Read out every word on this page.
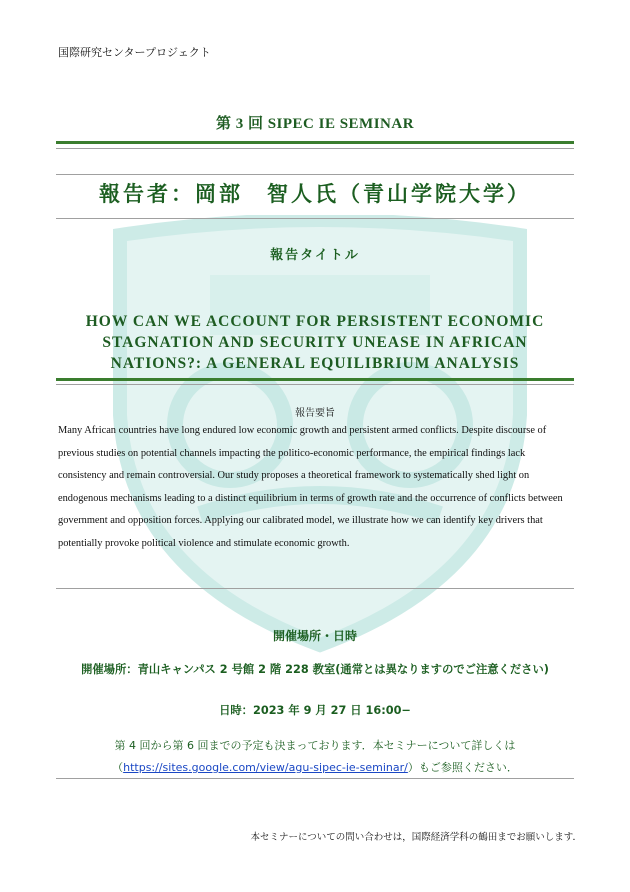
国際研究センタープロジェクト
第 3 回 SIPEC IE SEMINAR
報告者：岡部　智人氏（青山学院大学）
報告タイトル
HOW CAN WE ACCOUNT FOR PERSISTENT ECONOMIC
STAGNATION AND SECURITY UNEASE IN AFRICAN
NATIONS?: A GENERAL EQUILIBRIUM ANALYSIS
報告要旨
Many African countries have long endured low economic growth and persistent armed conflicts. Despite discourse of previous studies on potential channels impacting the politico-economic performance, the empirical findings lack consistency and remain controversial. Our study proposes a theoretical framework to systematically shed light on endogenous mechanisms leading to a distinct equilibrium in terms of growth rate and the occurrence of conflicts between government and opposition forces. Applying our calibrated model, we illustrate how we can identify key drivers that potentially provoke political violence and stimulate economic growth.
開催場所・日時
開催場所：青山キャンパス 2 号館 2 階 228 教室(通常とは異なりますのでご注意ください)
日時：2023 年 9 月 27 日 16:00−
第 4 回から第 6 回までの予定も決まっております．本セミナーについて詳しくは
（https://sites.google.com/view/agu-sipec-ie-seminar/）もご参照ください．
本セミナーについての問い合わせは，国際経済学科の鶴田までお願いします．
